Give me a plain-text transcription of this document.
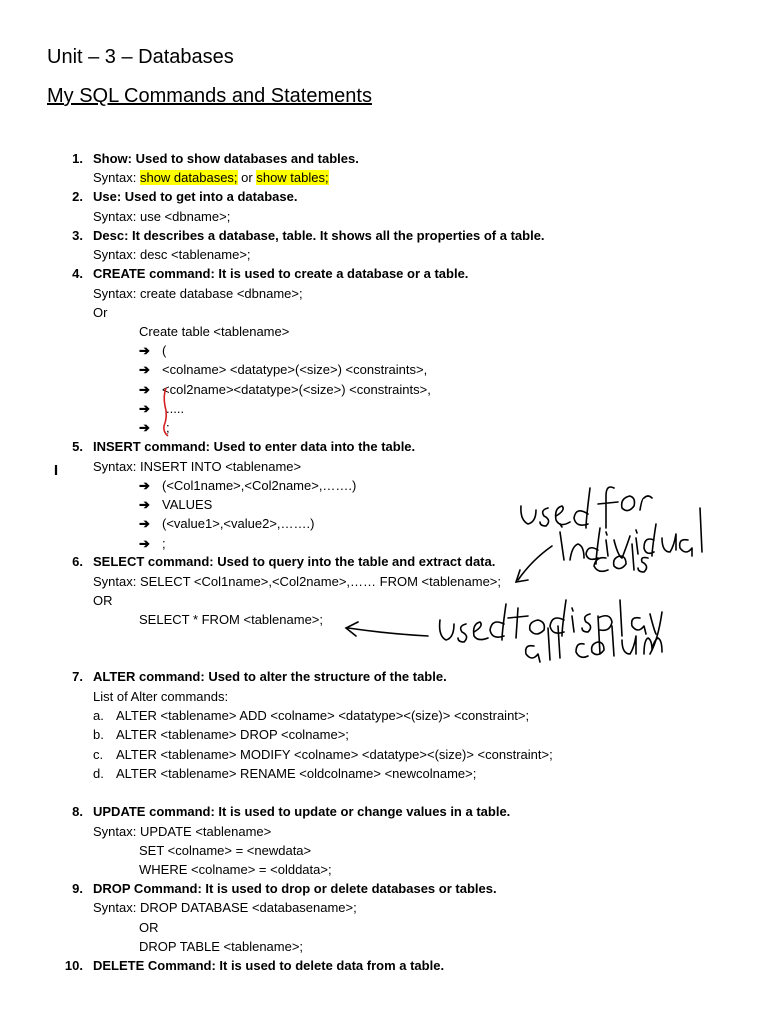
Unit – 3 – Databases
My SQL Commands and Statements
1. Show: Used to show databases and tables.
Syntax: show databases; or show tables;
2. Use: Used to get into a database.
Syntax: use <dbname>;
3. Desc: It describes a database, table. It shows all the properties of a table.
Syntax: desc <tablename>;
4. CREATE command: It is used to create a database or a table.
Syntax: create database <dbname>;
Or
Create table <tablename>
➔ (
➔ <colname> <datatype>(<size>) <constraints>,
➔ <col2name><datatype>(<size>) <constraints>,
➔ .....
➔ ;
5. INSERT command: Used to enter data into the table.
Syntax: INSERT INTO <tablename>
➔ (<Col1name>,<Col2name>,…….)
➔ VALUES
➔ (<value1>,<value2>,…….)
➔ ;
6. SELECT command: Used to query into the table and extract data.
Syntax: SELECT <Col1name>,<Col2name>,…… FROM <tablename>;
OR
SELECT * FROM <tablename>;
7. ALTER command: Used to alter the structure of the table.
List of Alter commands:
a. ALTER <tablename> ADD <colname> <datatype><(size)> <constraint>;
b. ALTER <tablename> DROP <colname>;
c. ALTER <tablename> MODIFY <colname> <datatype><(size)> <constraint>;
d. ALTER <tablename> RENAME <oldcolname> <newcolname>;
8. UPDATE command: It is used to update or change values in a table.
Syntax: UPDATE <tablename>
SET <colname> = <newdata>
WHERE <colname> = <olddata>;
9. DROP Command: It is used to drop or delete databases or tables.
Syntax: DROP DATABASE <databasename>;
OR
DROP TABLE <tablename>;
10. DELETE Command: It is used to delete data from a table.
